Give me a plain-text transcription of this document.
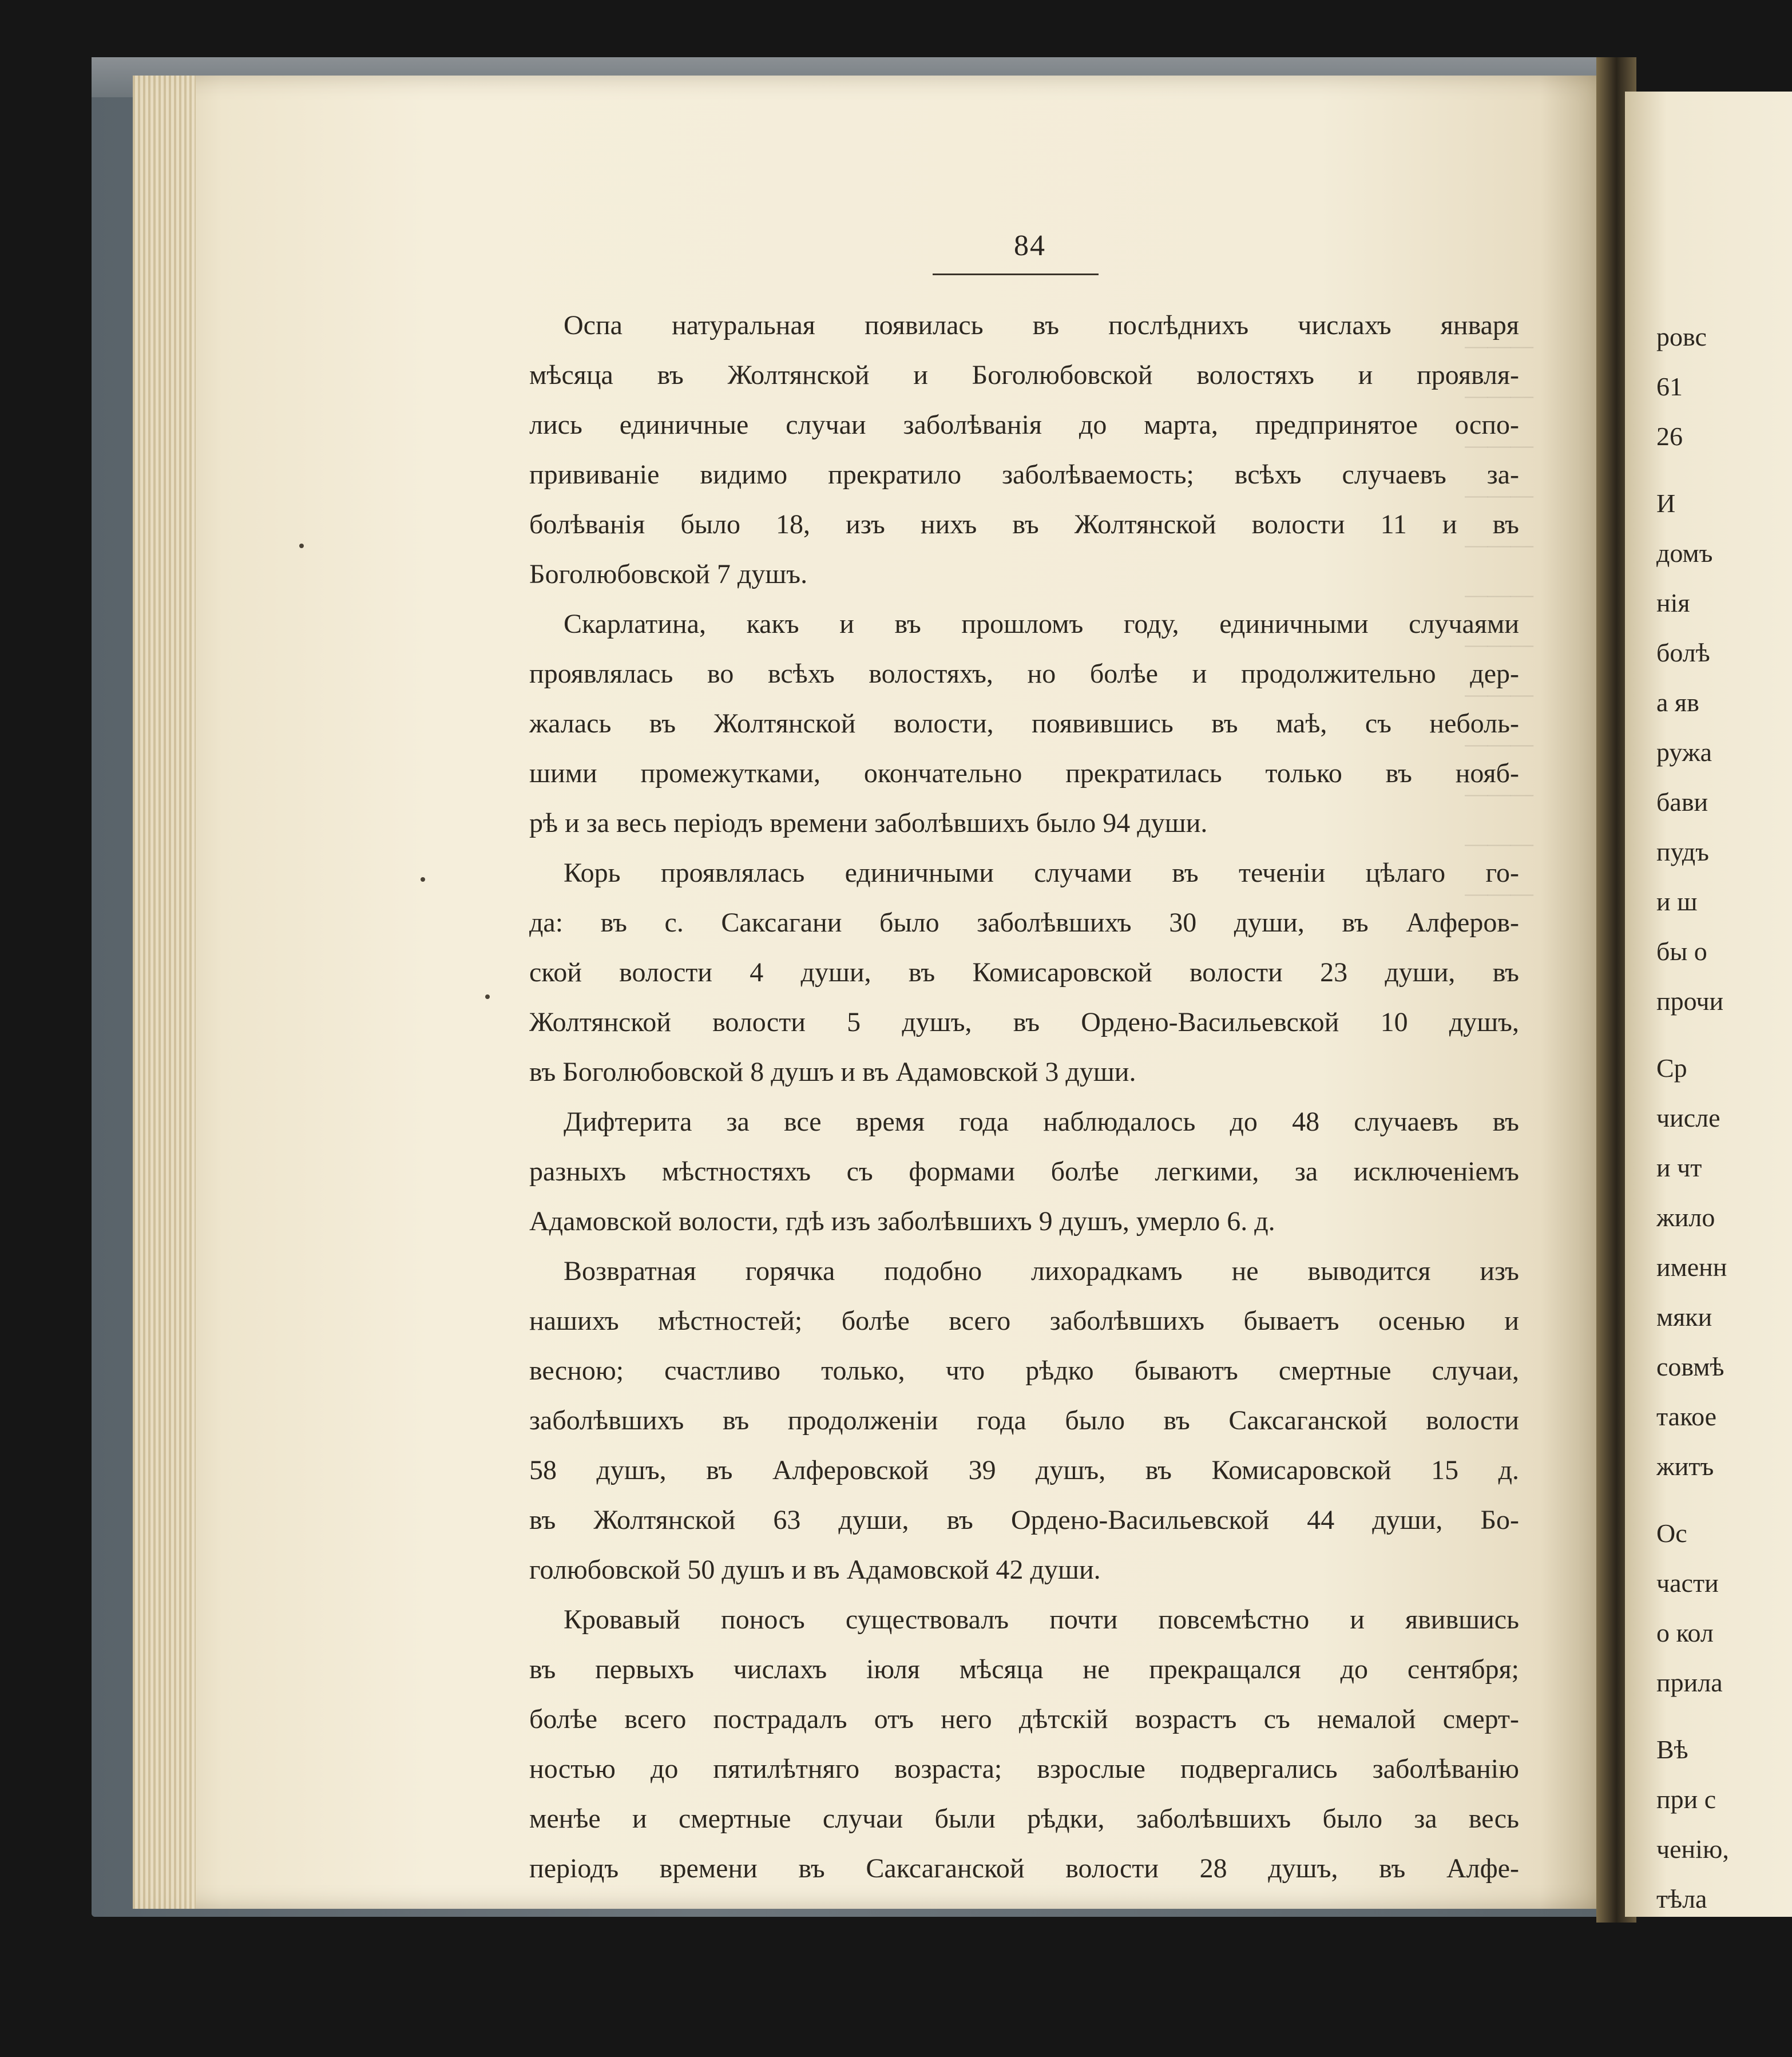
———
———
———
———
———
———
———
———
———
———
———
———
84
Оспа натуральная появилась въ послѣднихъ числахъ января
мѣсяца въ Жолтянской и Боголюбовской волостяхъ и проявля-
лись единичные случаи заболѣванія до марта, предпринятое оспо-
прививаніе видимо прекратило заболѣваемость; всѣхъ случаевъ за-
болѣванія было 18, изъ нихъ въ Жолтянской волости 11 и въ
Боголюбовской 7 душъ.
Скарлатина, какъ и въ прошломъ году, единичными случаями
проявлялась во всѣхъ волостяхъ, но болѣе и продолжительно дер-
жалась въ Жолтянской волости, появившись въ маѣ, съ неболь-
шими промежутками, окончательно прекратилась только въ нояб-
рѣ и за весь періодъ времени заболѣвшихъ было 94 души.
Корь проявлялась единичными случами въ теченіи цѣлаго го-
да: въ с. Саксагани было заболѣвшихъ 30 души, въ Алферов-
ской волости 4 души, въ Комисаровской волости 23 души, въ
Жолтянской волости 5 душъ, въ Ордено-Васильевской 10 душъ,
въ Боголюбовской 8 душъ и въ Адамовской 3 души.
Дифтерита за все время года наблюдалось до 48 случаевъ въ
разныхъ мѣстностяхъ съ формами болѣе легкими, за исключеніемъ
Адамовской волости, гдѣ изъ заболѣвшихъ 9 душъ, умерло 6. д.
Возвратная горячка подобно лихорадкамъ не выводится изъ
нашихъ мѣстностей; болѣе всего заболѣвшихъ бываетъ осенью и
весною; счастливо только, что рѣдко бываютъ смертные случаи,
заболѣвшихъ въ продолженіи года было въ Саксаганской волости
58 душъ, въ Алферовской 39 душъ, въ Комисаровской 15 д.
въ Жолтянской 63 души, въ Ордено-Васильевской 44 души, Бо-
голюбовской 50 душъ и въ Адамовской 42 души.
Кровавый поносъ существовалъ почти повсемѣстно и явившись
въ первыхъ числахъ іюля мѣсяца не прекращался до сентября;
болѣе всего пострадалъ отъ него дѣтскій возрастъ съ немалой смерт-
ностью до пятилѣтняго возраста; взрослые подвергались заболѣванію
менѣе и смертные случаи были рѣдки, заболѣвшихъ было за весь
періодъ времени въ Саксаганской волости 28 душъ, въ Алфе-
ровс
61
26
И
домъ
нія
болѣ
а яв
ружа
бави
пудъ
и ш
бы о
прочи
Ср
числе
и чт
жило
именн
мяки
совмѣ
такое
житъ
Ос
части
о кол
прила
Вѣ
при с
ченію,
тѣла
